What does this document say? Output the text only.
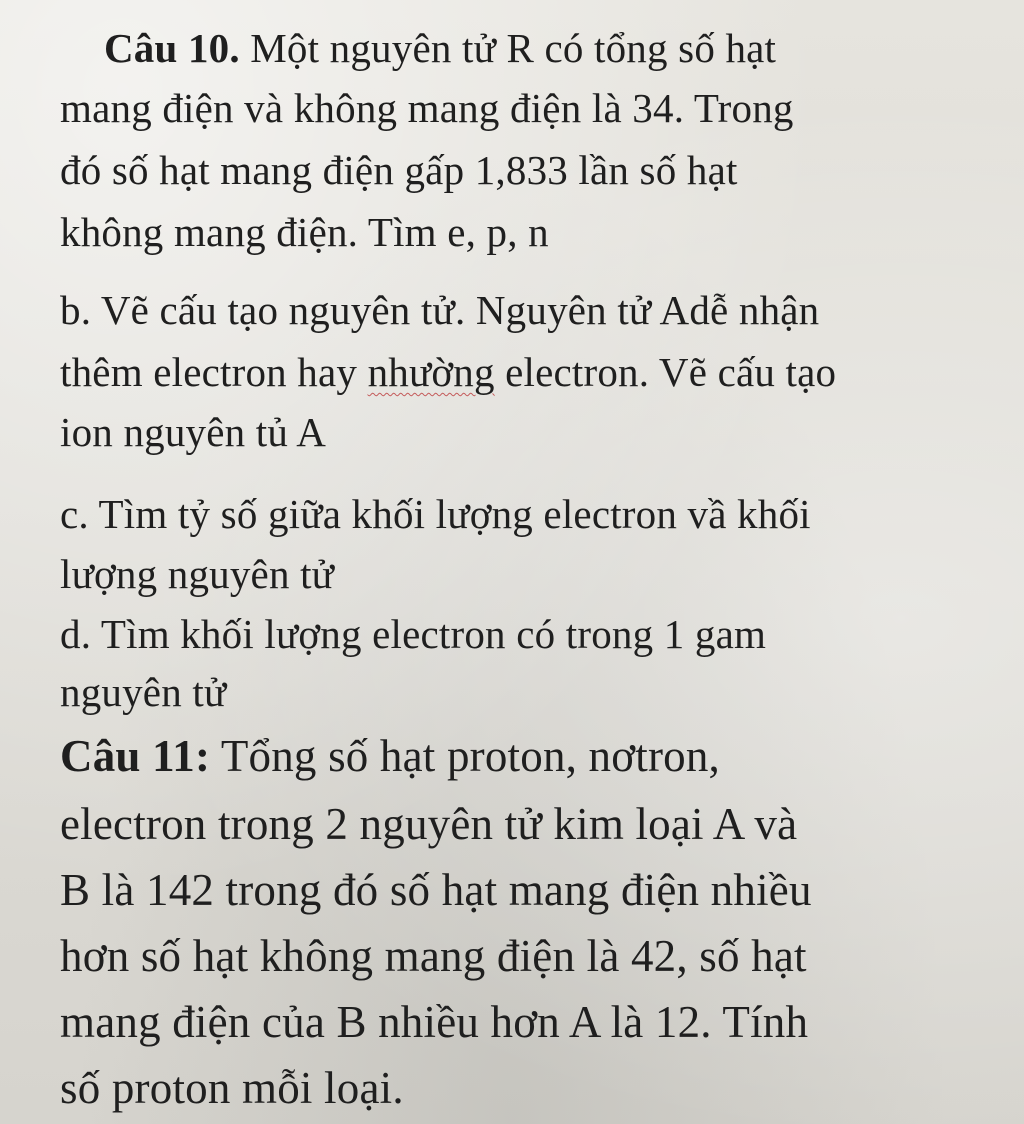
Câu 10. Một nguyên tử R có tổng số hạt

mang điện và không mang điện là 34. Trong

đó số hạt mang điện gấp 1,833 lần số hạt

không mang điện. Tìm e, p, n

b. Vẽ cấu tạo nguyên tử. Nguyên tử Adễ nhận

thêm electron hay nhường electron. Vẽ cấu tạo

ion nguyên tủ A

c. Tìm tỷ số giữa khối lượng electron vầ khối

lượng nguyên tử

d. Tìm khối lượng electron có trong 1 gam

nguyên tử

Câu 11: Tổng số hạt proton, nơtron,

electron trong 2 nguyên tử kim loại A và

B là 142 trong đó số hạt mang điện nhiều

hơn số hạt không mang điện là 42, số hạt

mang điện của B nhiều hơn A là 12. Tính

số proton mỗi loại.
